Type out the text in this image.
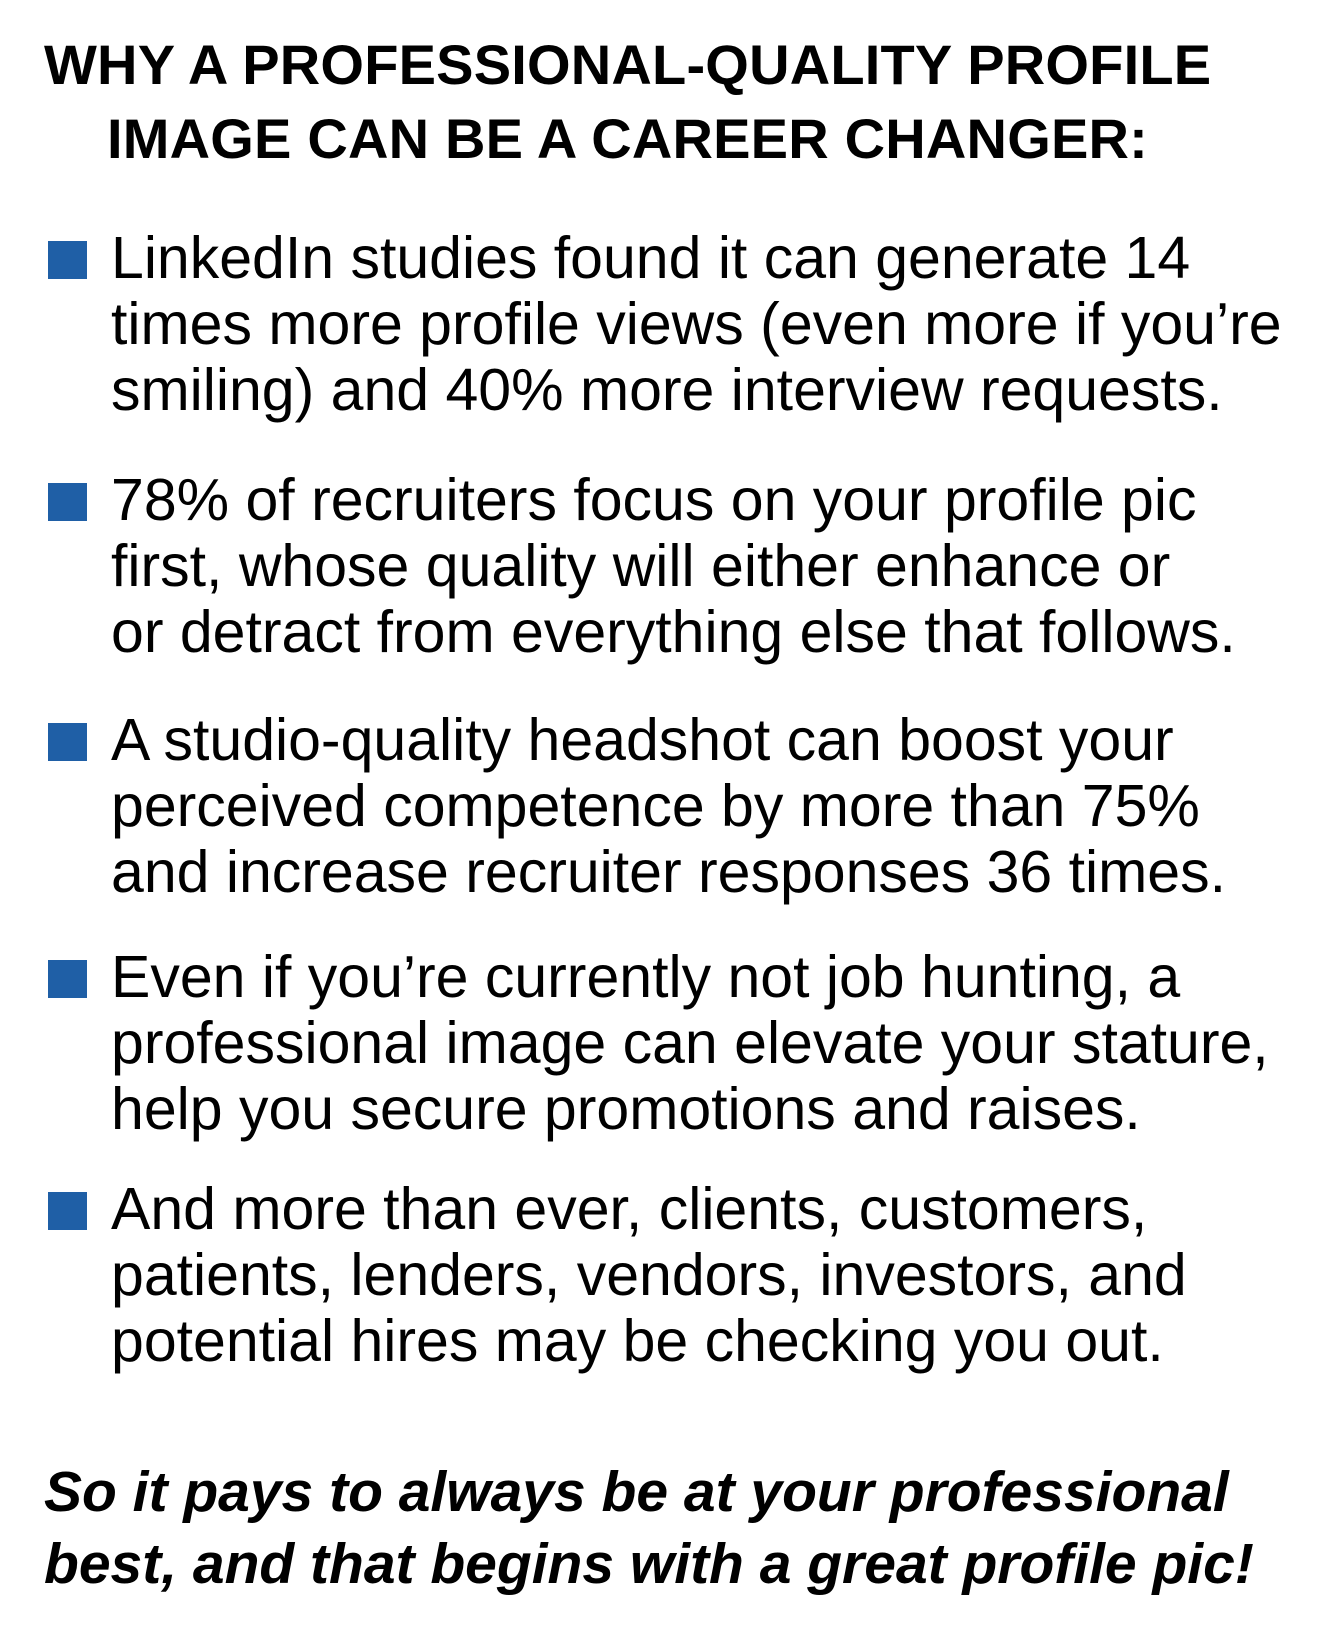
WHY A PROFESSIONAL-QUALITY PROFILE
IMAGE CAN BE A CAREER CHANGER:
LinkedIn studies found it can generate 14
times more profile views (even more if you’re
smiling) and 40% more interview requests.
78% of recruiters focus on your profile pic
first, whose quality will either enhance or
or detract from everything else that follows.
A studio-quality headshot can boost your
perceived competence by more than 75%
and increase recruiter responses 36 times.
Even if you’re currently not job hunting, a
professional image can elevate your stature,
help you secure promotions and raises.
And more than ever, clients, customers,
patients, lenders, vendors, investors, and
potential hires may be checking you out.

So it pays to always be at your professional
best, and that begins with a great profile pic!
